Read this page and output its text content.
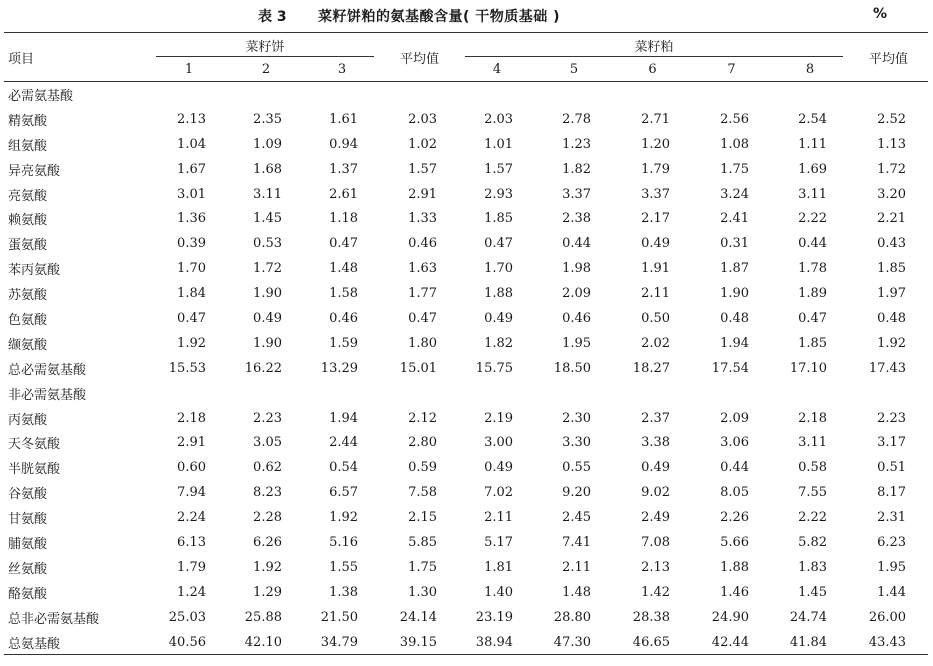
表 3 菜籽饼粕的氨基酸含量( 干物质基础 )	%
项目	菜籽饼			平均值	菜籽粕					平均值
	1	2	3		4	5	6	7	8	
必需氨基酸										
精氨酸	2.13	2.35	1.61	2.03	2.03	2.78	2.71	2.56	2.54	2.52
组氨酸	1.04	1.09	0.94	1.02	1.01	1.23	1.20	1.08	1.11	1.13
异亮氨酸	1.67	1.68	1.37	1.57	1.57	1.82	1.79	1.75	1.69	1.72
亮氨酸	3.01	3.11	2.61	2.91	2.93	3.37	3.37	3.24	3.11	3.20
赖氨酸	1.36	1.45	1.18	1.33	1.85	2.38	2.17	2.41	2.22	2.21
蛋氨酸	0.39	0.53	0.47	0.46	0.47	0.44	0.49	0.31	0.44	0.43
苯丙氨酸	1.70	1.72	1.48	1.63	1.70	1.98	1.91	1.87	1.78	1.85
苏氨酸	1.84	1.90	1.58	1.77	1.88	2.09	2.11	1.90	1.89	1.97
色氨酸	0.47	0.49	0.46	0.47	0.49	0.46	0.50	0.48	0.47	0.48
缬氨酸	1.92	1.90	1.59	1.80	1.82	1.95	2.02	1.94	1.85	1.92
总必需氨基酸	15.53	16.22	13.29	15.01	15.75	18.50	18.27	17.54	17.10	17.43
非必需氨基酸										
丙氨酸	2.18	2.23	1.94	2.12	2.19	2.30	2.37	2.09	2.18	2.23
天冬氨酸	2.91	3.05	2.44	2.80	3.00	3.30	3.38	3.06	3.11	3.17
半胱氨酸	0.60	0.62	0.54	0.59	0.49	0.55	0.49	0.44	0.58	0.51
谷氨酸	7.94	8.23	6.57	7.58	7.02	9.20	9.02	8.05	7.55	8.17
甘氨酸	2.24	2.28	1.92	2.15	2.11	2.45	2.49	2.26	2.22	2.31
脯氨酸	6.13	6.26	5.16	5.85	5.17	7.41	7.08	5.66	5.82	6.23
丝氨酸	1.79	1.92	1.55	1.75	1.81	2.11	2.13	1.88	1.83	1.95
酪氨酸	1.24	1.29	1.38	1.30	1.40	1.48	1.42	1.46	1.45	1.44
总非必需氨基酸	25.03	25.88	21.50	24.14	23.19	28.80	28.38	24.90	24.74	26.00
总氨基酸	40.56	42.10	34.79	39.15	38.94	47.30	46.65	42.44	41.84	43.43
